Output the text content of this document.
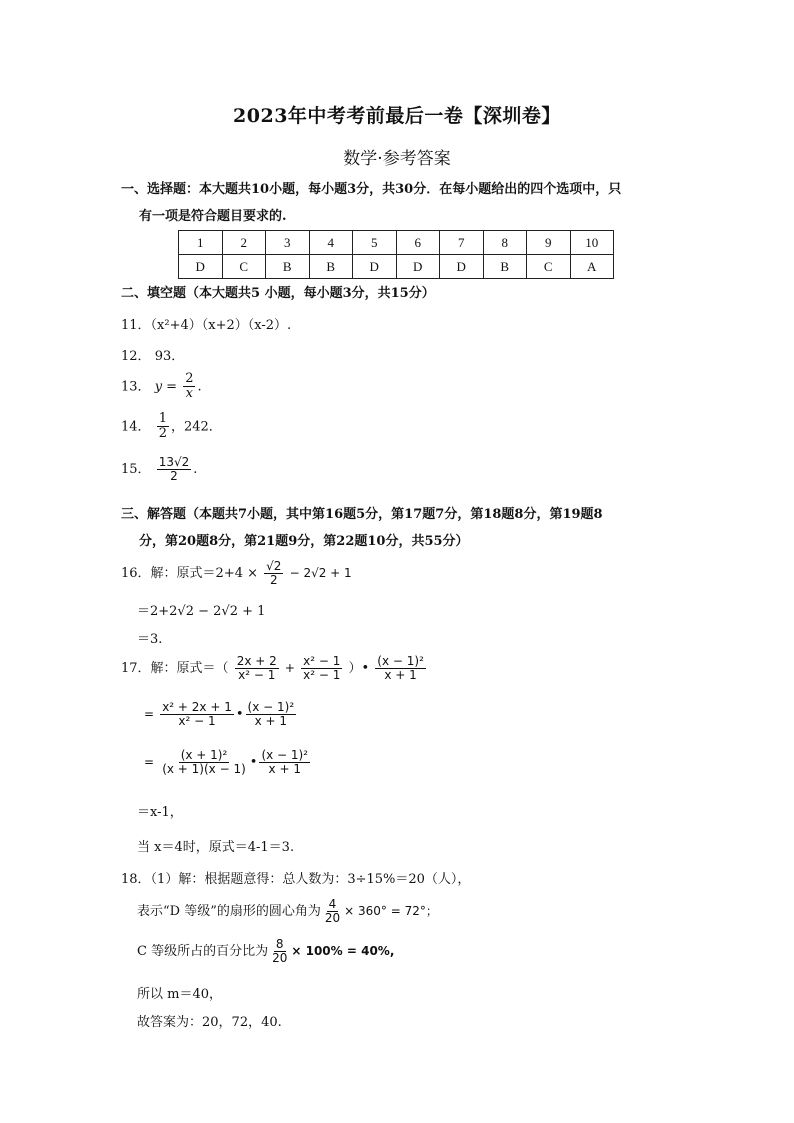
2023年中考考前最后一卷【深圳卷】
数学·参考答案
一、选择题：本大题共10小题，每小题3分，共30分．在每小题给出的四个选项中，只
有一项是符合题目要求的.
1	2	3	4	5	6	7	8	9	10
D	C	B	B	D	D	D	B	C	A
二、填空题（本大题共5 小题，每小题3分，共15分）
11．（x²+4）（x+2）（x-2）.
12． 93．
13． $y = \frac{2}{x}$ .
14． $\frac{1}{2}$ ，242．
15． $\frac{13√2}{2}$ .
三、解答题（本题共7小题，其中第16题5分，第17题7分，第18题8分，第19题8
分，第20题8分，第21题9分，第22题10分，共55分）
16．解：原式$=2+4 \times \frac{√2}{2} - 2√2 + 1$
＝2+2√2 − 2√2 + 1
＝3.
17．解：原式＝（ $\frac{2x + 2}{\text{x² − 1}} + \frac{\text{x² − 1}}{\text{x² − 1}}$ ）• $\frac{\text{(x − 1)²}}{x + 1}$
= $\frac{\text{x² + 2x + 1}}{\text{x² − 1}}$ • $\frac{\text{(x − 1)²}}{x + 1}$
= $\frac{\text{(x + 1)²}}{(x + 1)(x - 1)}$ • $\frac{\text{(x − 1)²}}{x + 1}$
＝x-1，
当 x＝4时，原式＝4-1＝3.
18．（1）解：根据题意得：总人数为：3÷15%＝20（人），
表示“D 等级”的扇形的圆心角为 $\frac{4}{20} \times 360^\circ = 72^\circ$；
C 等级所占的百分比为 $\frac{8}{20} \times 100\% = 40\%$,
所以 m＝40，
故答案为：20，72，40.
